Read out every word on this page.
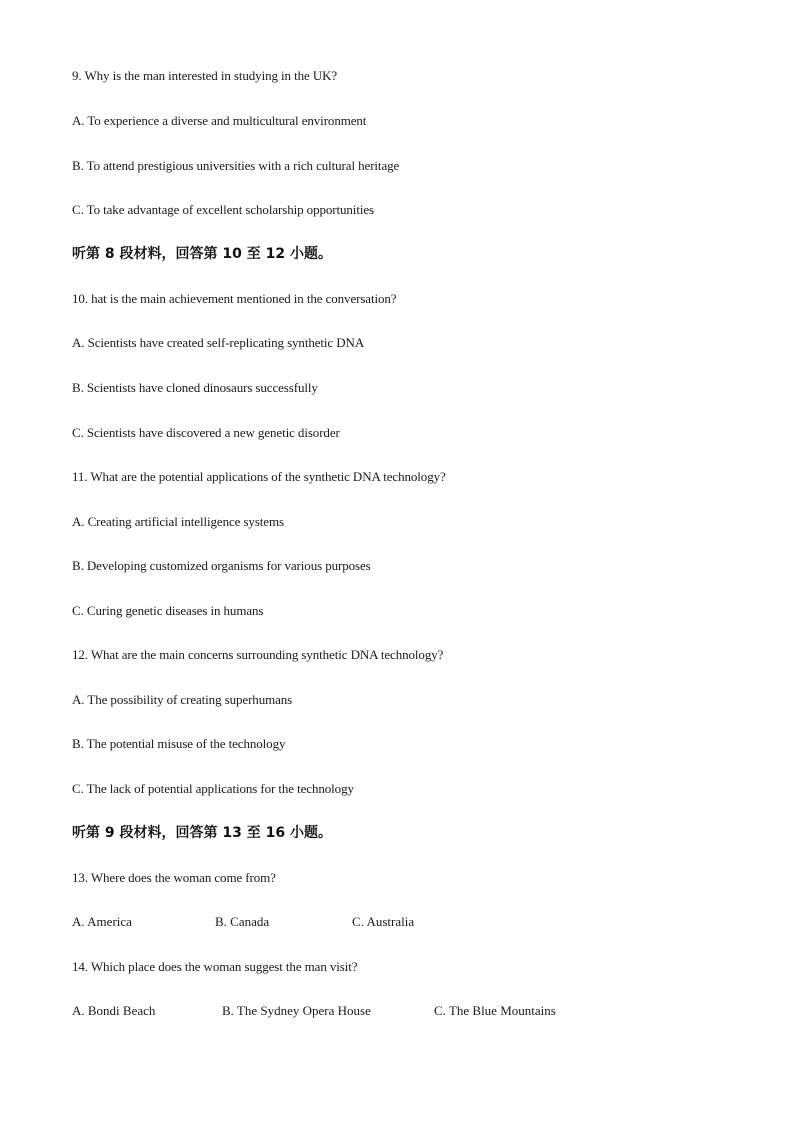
9. Why is the man interested in studying in the UK?
A. To experience a diverse and multicultural environment
B. To attend prestigious universities with a rich cultural heritage
C. To take advantage of excellent scholarship opportunities
听第 8 段材料，回答第 10 至 12 小题。
10. hat is the main achievement mentioned in the conversation?
A. Scientists have created self-replicating synthetic DNA
B. Scientists have cloned dinosaurs successfully
C. Scientists have discovered a new genetic disorder
11. What are the potential applications of the synthetic DNA technology?
A. Creating artificial intelligence systems
B. Developing customized organisms for various purposes
C. Curing genetic diseases in humans
12. What are the main concerns surrounding synthetic DNA technology?
A. The possibility of creating superhumans
B. The potential misuse of the technology
C. The lack of potential applications for the technology
听第 9 段材料，回答第 13 至 16 小题。
13. Where does the woman come from?
A. America	B. Canada	C. Australia
14. Which place does the woman suggest the man visit?
A. Bondi Beach	B. The Sydney Opera House	C. The Blue Mountains
